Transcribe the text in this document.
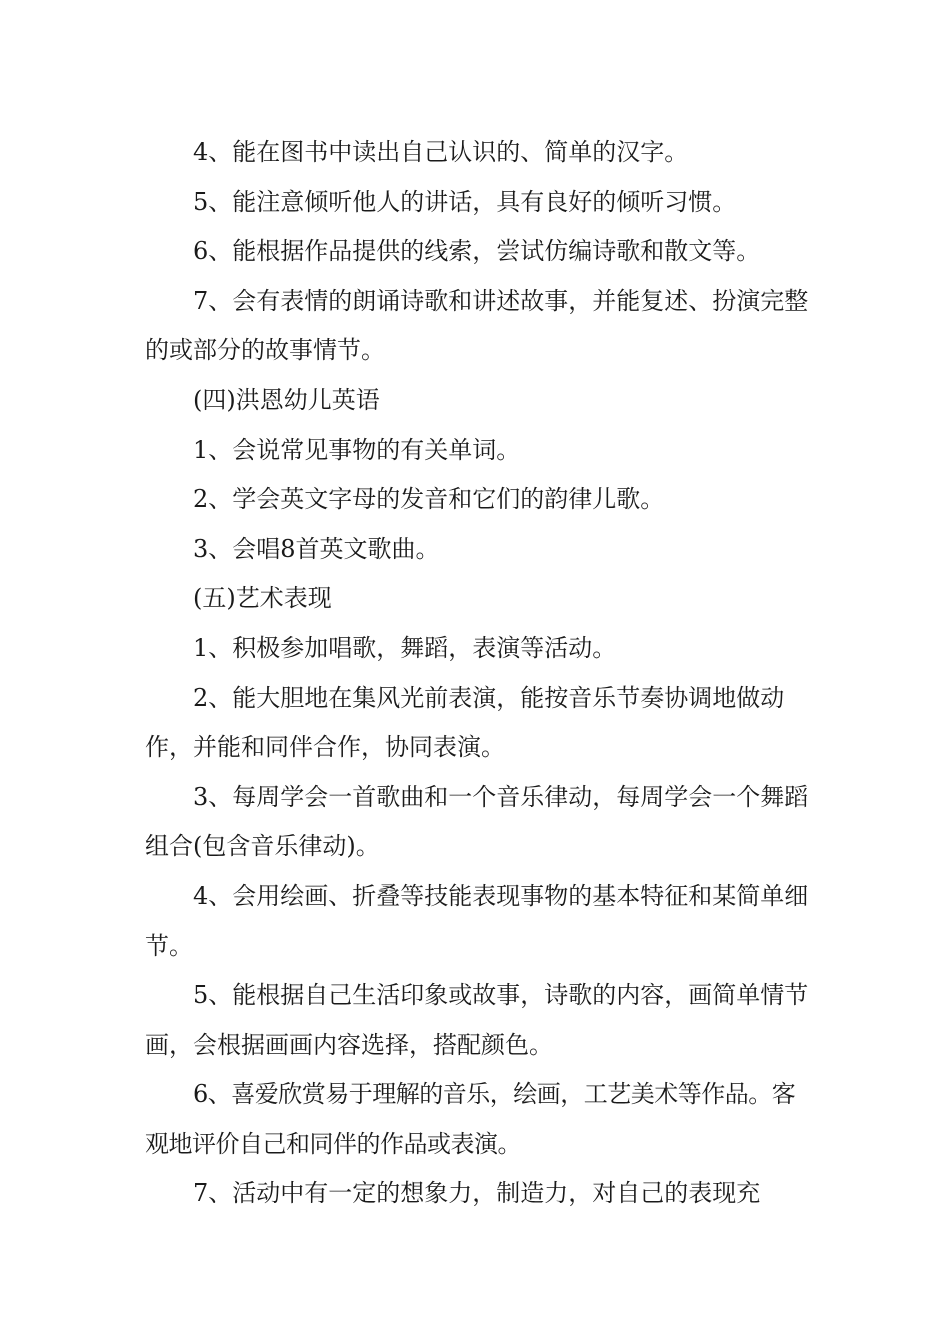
4、能在图书中读出自己认识的、简单的汉字。

5、能注意倾听他人的讲话，具有良好的倾听习惯。

6、能根据作品提供的线索，尝试仿编诗歌和散文等。

7、会有表情的朗诵诗歌和讲述故事，并能复述、扮演完整的或部分的故事情节。

(四)洪恩幼儿英语

1、会说常见事物的有关单词。

2、学会英文字母的发音和它们的韵律儿歌。

3、会唱8首英文歌曲。

(五)艺术表现

1、积极参加唱歌，舞蹈，表演等活动。

2、能大胆地在集风光前表演，能按音乐节奏协调地做动作，并能和同伴合作，协同表演。

3、每周学会一首歌曲和一个音乐律动，每周学会一个舞蹈组合(包含音乐律动)。

4、会用绘画、折叠等技能表现事物的基本特征和某简单细节。

5、能根据自己生活印象或故事，诗歌的内容，画简单情节画，会根据画画内容选择，搭配颜色。

6、喜爱欣赏易于理解的音乐，绘画，工艺美术等作品。客观地评价自己和同伴的作品或表演。

7、活动中有一定的想象力，制造力，对自己的表现充
